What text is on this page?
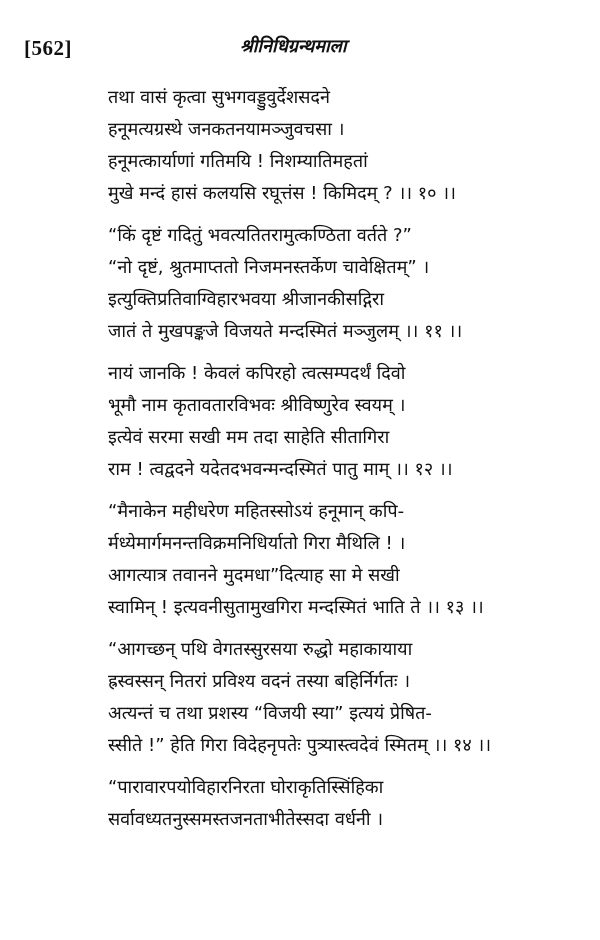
[562]	श्रीनिधिग्रन्थमाला
तथा वासं कृत्वा सुभगवड्डुवुर्देशसदने
हनूमत्यग्रस्थे जनकतनयामञ्जुवचसा ।
हनूमत्कार्याणां गतिमयि ! निशम्यातिमहतां
मुखे मन्दं हासं कलयसि रघूत्तंस ! किमिदम् ? ।। १० ।।
“किं दृष्टं गदितुं भवत्यतितरामुत्कण्ठिता वर्तते ?”
“नो दृष्टं, श्रुतमाप्ततो निजमनस्तर्केण चावेक्षितम्” ।
इत्युक्तिप्रतिवाग्विहारभवया श्रीजानकीसद्गिरा
जातं ते मुखपङ्कजे विजयते मन्दस्मितं मञ्जुलम् ।। ११ ।।
नायं जानकि ! केवलं कपिरहो त्वत्सम्पदर्थं दिवो
भूमौ नाम कृतावतारविभवः श्रीविष्णुरेव स्वयम् ।
इत्येवं सरमा सखी मम तदा साहेति सीतागिरा
राम ! त्वद्वदने यदेतदभवन्मन्दस्मितं पातु माम् ।। १२ ।।
“मैनाकेन महीधरेण महितस्सोऽयं हनूमान् कपि-
र्मध्येमार्गमनन्तविक्रमनिधिर्यातो गिरा मैथिलि ! ।
आगत्यात्र तवानने मुदमधा”दित्याह सा मे सखी
स्वामिन् ! इत्यवनीसुतामुखगिरा मन्दस्मितं भाति ते ।। १३ ।।
“आगच्छन् पथि वेगतस्सुरसया रुद्धो महाकायाया
ह्रस्वस्सन् नितरां प्रविश्य वदनं तस्या बहिर्निर्गतः ।
अत्यन्तं च तथा प्रशस्य “विजयी स्या” इत्ययं प्रेषित-
स्सीते !” हेति गिरा विदेहनृपतेः पुत्र्यास्त्वदेवं स्मितम् ।। १४ ।।
“पारावारपयोविहारनिरता घोराकृतिस्सिंहिका
सर्वावध्यतनुस्समस्तजनताभीतेस्सदा वर्धनी ।
